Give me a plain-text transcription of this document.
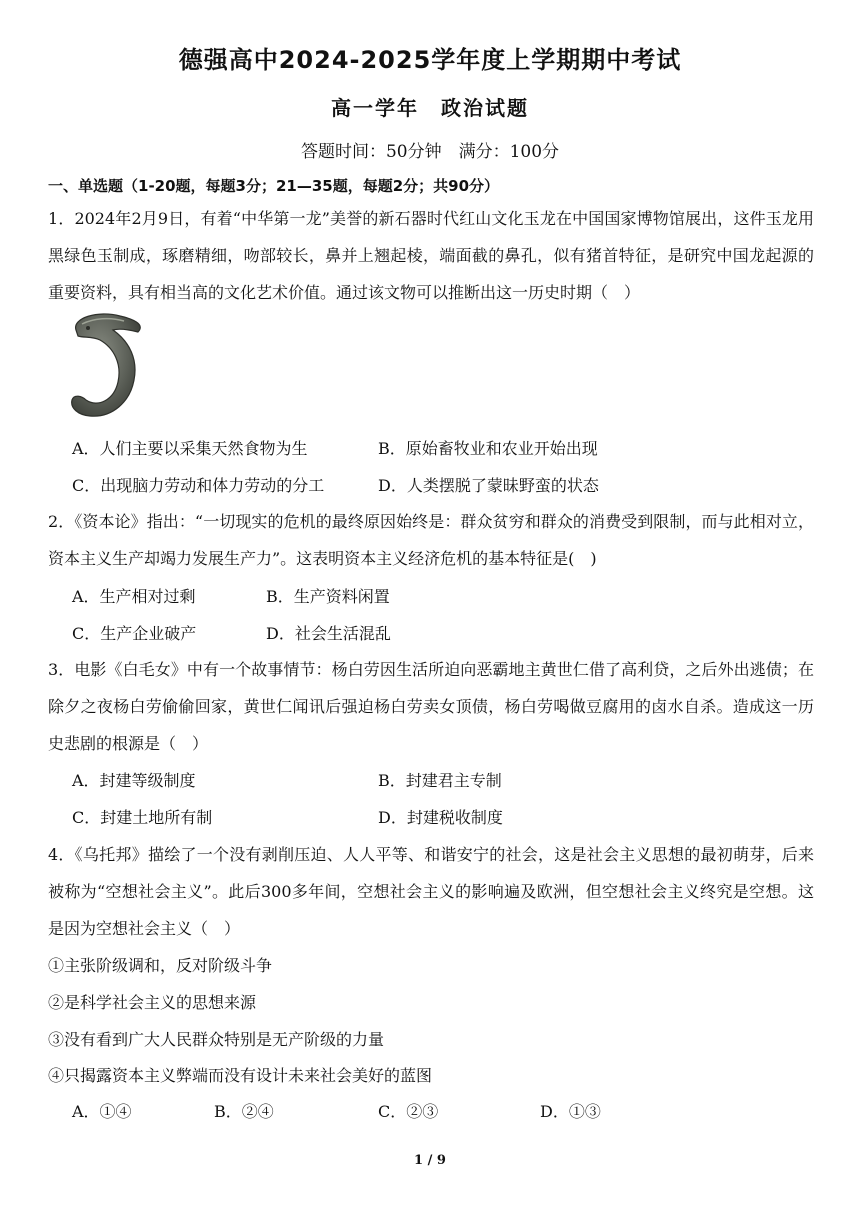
德强高中2024-2025学年度上学期期中考试
高一学年　政治试题
答题时间：50分钟　满分：100分
一、单选题（1-20题，每题3分；21—35题，每题2分；共90分）
1．2024年2月9日，有着“中华第一龙”美誉的新石器时代红山文化玉龙在中国国家博物馆展出，这件玉龙用黑绿色玉制成，琢磨精细，吻部较长，鼻并上翘起棱，端面截的鼻孔，似有猪首特征，是研究中国龙起源的重要资料，具有相当高的文化艺术价值。通过该文物可以推断出这一历史时期（　）
A．人们主要以采集天然食物为生	B．原始畜牧业和农业开始出现
C．出现脑力劳动和体力劳动的分工	D．人类摆脱了蒙昧野蛮的状态
2．《资本论》指出：“一切现实的危机的最终原因始终是：群众贫穷和群众的消费受到限制，而与此相对立，资本主义生产却竭力发展生产力”。这表明资本主义经济危机的基本特征是(　)
A．生产相对过剩	B．生产资料闲置
C．生产企业破产	D．社会生活混乱
3．电影《白毛女》中有一个故事情节：杨白劳因生活所迫向恶霸地主黄世仁借了高利贷，之后外出逃债；在除夕之夜杨白劳偷偷回家，黄世仁闻讯后强迫杨白劳卖女顶债，杨白劳喝做豆腐用的卤水自杀。造成这一历史悲剧的根源是（　）
A．封建等级制度	B．封建君主专制
C．封建土地所有制	D．封建税收制度
4．《乌托邦》描绘了一个没有剥削压迫、人人平等、和谐安宁的社会，这是社会主义思想的最初萌芽，后来被称为“空想社会主义”。此后300多年间，空想社会主义的影响遍及欧洲，但空想社会主义终究是空想。这是因为空想社会主义（　）
①主张阶级调和，反对阶级斗争
②是科学社会主义的思想来源
③没有看到广大人民群众特别是无产阶级的力量
④只揭露资本主义弊端而没有设计未来社会美好的蓝图
A．①④	B．②④	C．②③	D．①③
1 / 9
